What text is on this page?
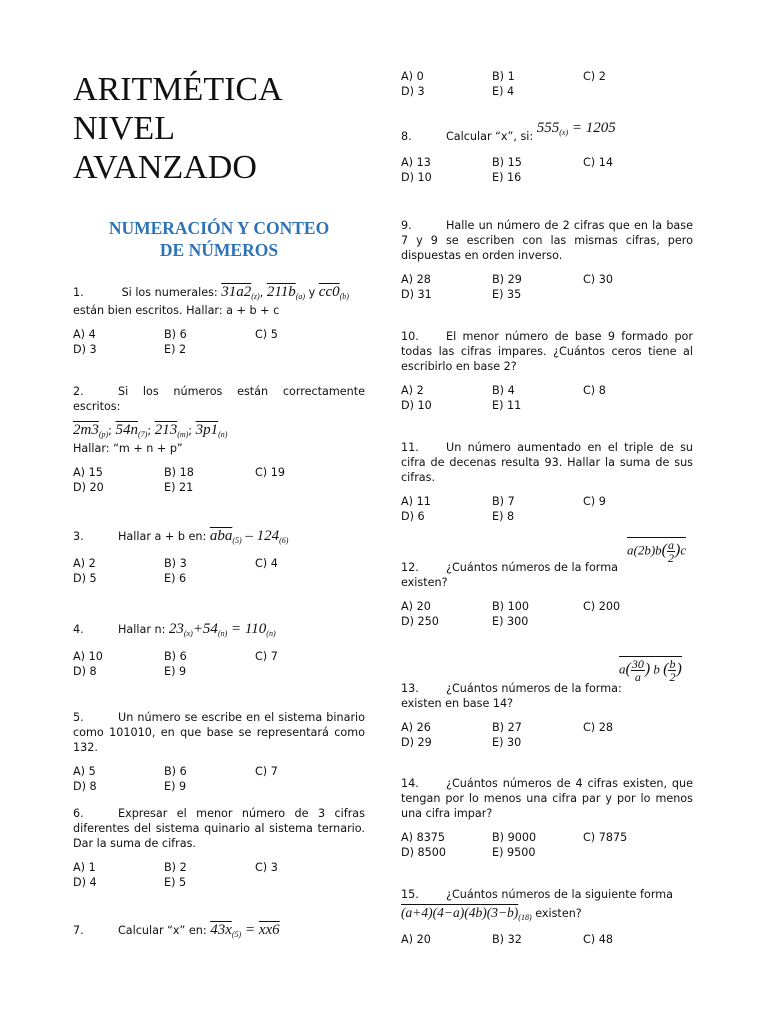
ARITMÉTICA
NIVEL
AVANZADO
NUMERACIÓN Y CONTEO
DE NÚMEROS
1.	Si los numerales: $31a2_{(z)}$, $211b_{(a)}$ y $cc0_{(b)}$
están bien escritos. Hallar: a + b + c
A) 4	B) 6	C) 5
D) 3	E) 2
2.	Si los números están correctamente escritos:
$2m3_{(p)}$; $54n_{(7)}$; $213_{(m)}$; $3p1_{(n)}$
Hallar: “m + n + p”
A) 15	B) 18	C) 19
D) 20	E) 21
3.	Hallar a + b en: $\overline{aba}_{(5)} - 124_{(6)}$
A) 2	B) 3	C) 4
D) 5	E) 6
4.	Hallar n: $23_{(x)}+54_{(n)} = 110_{(n)}$
A) 10	B) 6	C) 7
D) 8	E) 9
5.	Un número se escribe en el sistema binario como 101010, en que base se representará como 132.
A) 5	B) 6	C) 7
D) 8	E) 9
6.	Expresar el menor número de 3 cifras diferentes del sistema quinario al sistema ternario. Dar la suma de cifras.
A) 1	B) 2	C) 3
D) 4	E) 5
7.	Calcular “x” en: $43x_{(5)} = xx6$
A) 0	B) 1	C) 2
D) 3	E) 4
8.	Calcular “x”, si: $555_{(x)} = 1205$
A) 13	B) 15	C) 14
D) 10	E) 16
9.	Halle un número de 2 cifras que en la base 7 y 9 se escriben con las mismas cifras, pero dispuestas en orden inverso.
A) 28	B) 29	C) 30
D) 31	E) 35
10. El menor número de base 9 formado por todas las cifras impares. ¿Cuántos ceros tiene al escribirlo en base 2?
A) 2	B) 4	C) 8
D) 10	E) 11
11. Un número aumentado en el triple de su cifra de decenas resulta 93. Hallar la suma de sus cifras.
A) 11	B) 7	C) 9
D) 6	E) 8
$a(2b)b( \frac{a}{2} )c$
12. ¿Cuántos números de la forma
existen?
A) 20	B) 100	C) 200
D) 250	E) 300
$a( \frac{30}{a}$ ) b ( $\frac{b}{2}$ )
13. ¿Cuántos números de la forma:
existen en base 14?
A) 26	B) 27	C) 28
D) 29	E) 30
14. ¿Cuántos números de 4 cifras existen, que tengan por lo menos una cifra par y por lo menos una cifra impar?
A) 8375	B) 9000	C) 7875
D) 8500	E) 9500
15. ¿Cuántos números de la siguiente forma
$(a+4)(4-a)(4b)(3-b)_{(18)}$ existen?
A) 20	B) 32	C) 48
